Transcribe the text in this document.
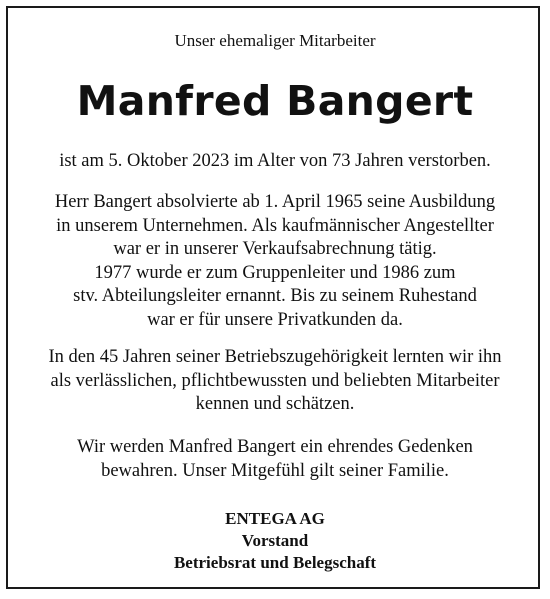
Unser ehemaliger Mitarbeiter
Manfred Bangert
ist am 5. Oktober 2023 im Alter von 73 Jahren verstorben.
Herr Bangert absolvierte ab 1. April 1965 seine Ausbildung
in unserem Unternehmen. Als kaufmännischer Angestellter
war er in unserer Verkaufsabrechnung tätig.
1977 wurde er zum Gruppenleiter und 1986 zum
stv. Abteilungsleiter ernannt. Bis zu seinem Ruhestand
war er für unsere Privatkunden da.
In den 45 Jahren seiner Betriebszugehörigkeit lernten wir ihn
als verlässlichen, pflichtbewussten und beliebten Mitarbeiter
kennen und schätzen.
Wir werden Manfred Bangert ein ehrendes Gedenken
bewahren. Unser Mitgefühl gilt seiner Familie.
ENTEGA AG
Vorstand
Betriebsrat und Belegschaft
